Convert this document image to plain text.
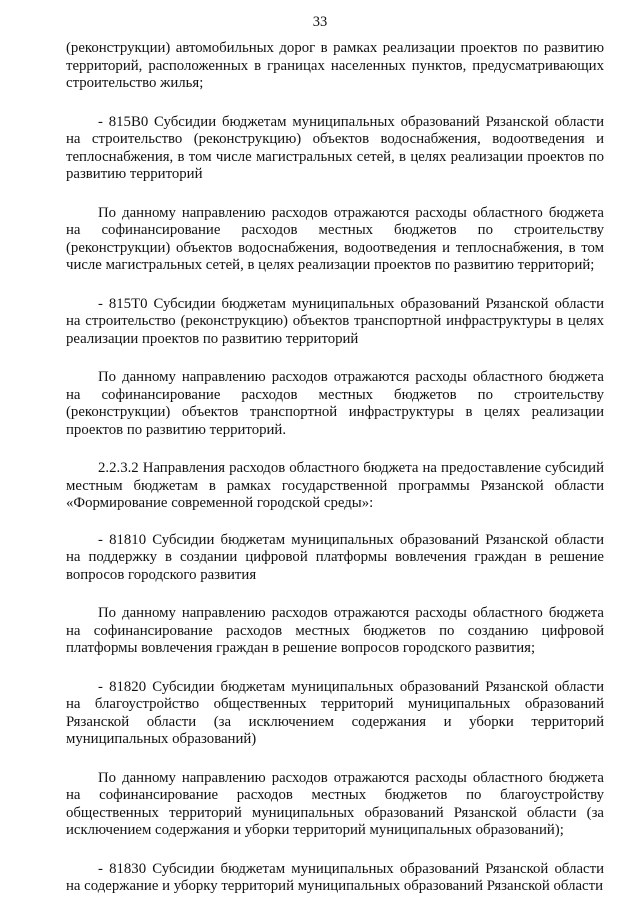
33

(реконструкции) автомобильных дорог в рамках реализации проектов по развитию территорий, расположенных в границах населенных пунктов, предусматривающих строительство жилья;

- 815В0 Субсидии бюджетам муниципальных образований Рязанской области на строительство (реконструкцию) объектов водоснабжения, водоотведения и теплоснабжения, в том числе магистральных сетей, в целях реализации проектов по развитию территорий

По данному направлению расходов отражаются расходы областного бюджета на софинансирование расходов местных бюджетов по строительству (реконструкции) объектов водоснабжения, водоотведения и теплоснабжения, в том числе магистральных сетей, в целях реализации проектов по развитию территорий;

- 815Т0 Субсидии бюджетам муниципальных образований Рязанской области на строительство (реконструкцию) объектов транспортной инфраструктуры в целях реализации проектов по развитию территорий

По данному направлению расходов отражаются расходы областного бюджета на софинансирование расходов местных бюджетов по строительству (реконструкции) объектов транспортной инфраструктуры в целях реализации проектов по развитию территорий.

2.2.3.2 Направления расходов областного бюджета на предоставление субсидий местным бюджетам в рамках государственной программы Рязанской области «Формирование современной городской среды»:

- 81810 Субсидии бюджетам муниципальных образований Рязанской области на поддержку в создании цифровой платформы вовлечения граждан в решение вопросов городского развития

По данному направлению расходов отражаются расходы областного бюджета на софинансирование расходов местных бюджетов по созданию цифровой платформы вовлечения граждан в решение вопросов городского развития;

- 81820 Субсидии бюджетам муниципальных образований Рязанской области на благоустройство общественных территорий муниципальных образований Рязанской области (за исключением содержания и уборки территорий муниципальных образований)

По данному направлению расходов отражаются расходы областного бюджета на софинансирование расходов местных бюджетов по благоустройству общественных территорий муниципальных образований Рязанской области (за исключением содержания и уборки территорий муниципальных образований);

- 81830 Субсидии бюджетам муниципальных образований Рязанской области на содержание и уборку территорий муниципальных образований Рязанской области
